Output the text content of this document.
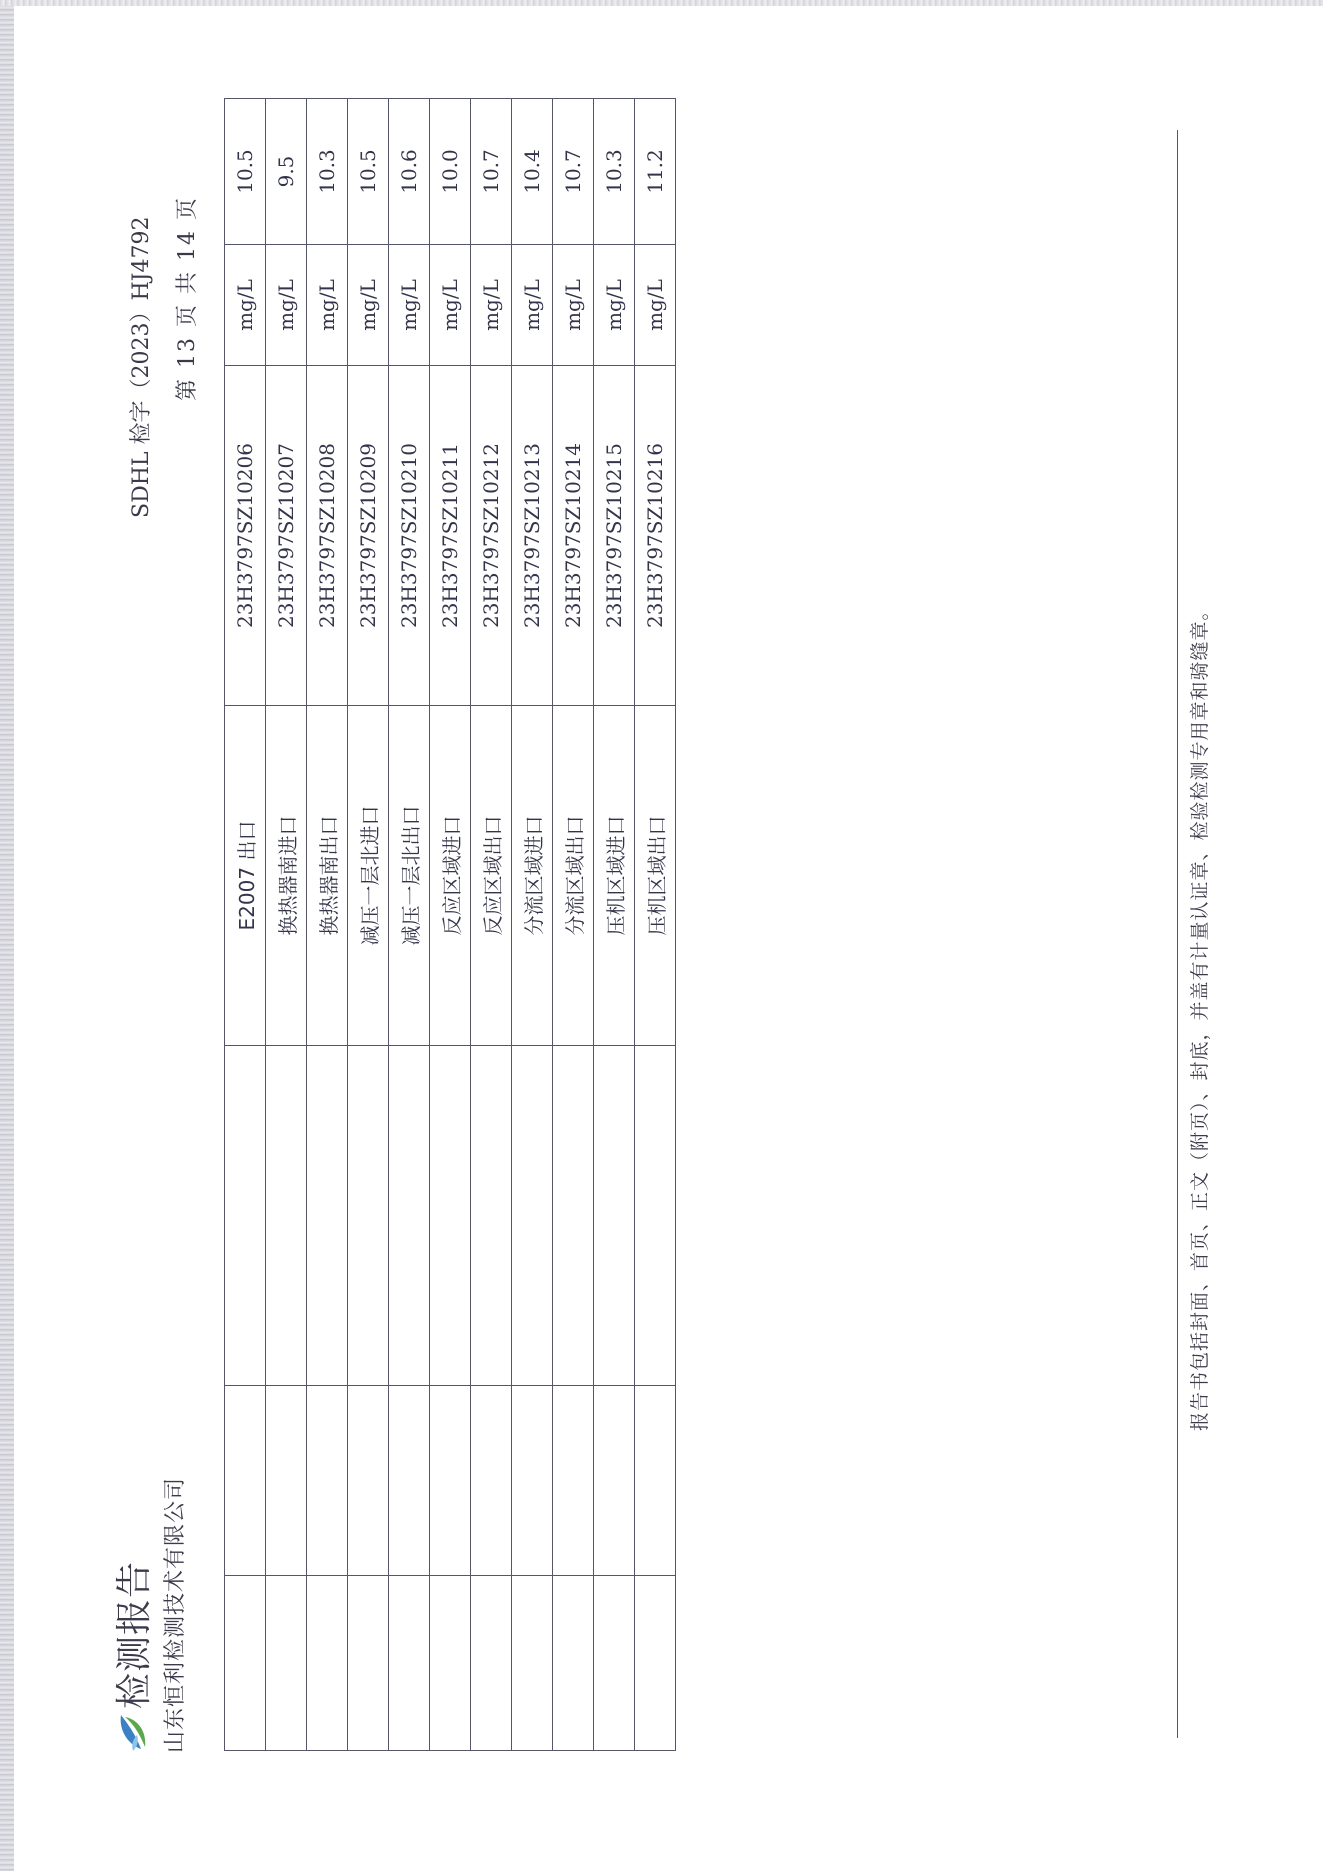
检测报告 山东恒利检测技术有限公司
SDHL 检字（2023）HJ4792 第 13 页 共 14 页
			E2007 出口	23H3797SZ10206	mg/L	10.5
			换热器南进口	23H3797SZ10207	mg/L	9.5
			换热器南出口	23H3797SZ10208	mg/L	10.3
			减压一层北进口	23H3797SZ10209	mg/L	10.5
			减压一层北出口	23H3797SZ10210	mg/L	10.6
			反应区域进口	23H3797SZ10211	mg/L	10.0
			反应区域出口	23H3797SZ10212	mg/L	10.7
			分流区域进口	23H3797SZ10213	mg/L	10.4
			分流区域出口	23H3797SZ10214	mg/L	10.7
			压机区域进口	23H3797SZ10215	mg/L	10.3
			压机区域出口	23H3797SZ10216	mg/L	11.2
报告书包括封面、首页、正文（附页）、封底，并盖有计量认证章、检验检测专用章和骑缝章。
